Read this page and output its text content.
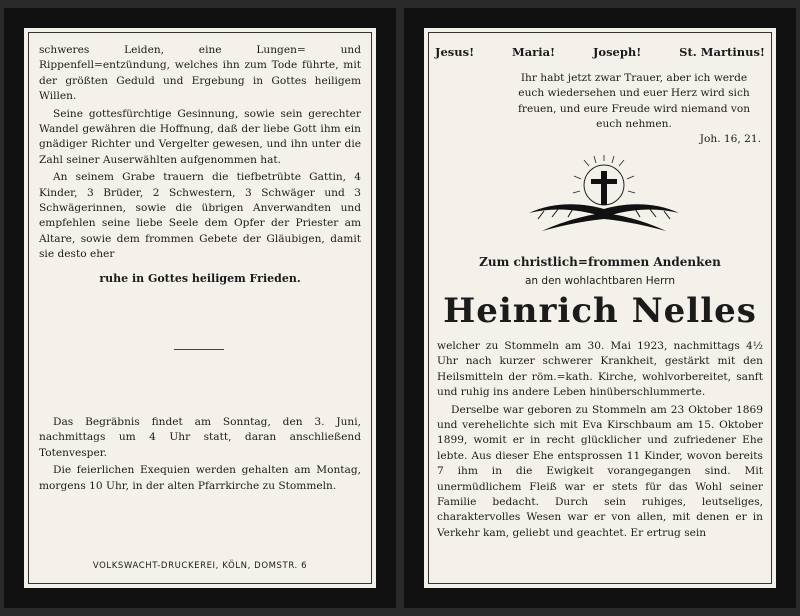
schweres Leiden, eine Lungen= und Rippenfell=entzündung, welches ihn zum Tode führte, mit der größten Geduld und Ergebung in Gottes heiligem Willen.

Seine gottesfürchtige Gesinnung, sowie sein gerechter Wandel gewähren die Hoffnung, daß der liebe Gott ihm ein gnädiger Richter und Vergelter gewesen, und ihn unter die Zahl seiner Auserwählten aufgenommen hat.

An seinem Grabe trauern die tiefbetrübte Gattin, 4 Kinder, 3 Brüder, 2 Schwestern, 3 Schwäger und 3 Schwägerinnen, sowie die übrigen Anverwandten und empfehlen seine liebe Seele dem Opfer der Priester am Altare, sowie dem frommen Gebete der Gläubigen, damit sie desto eher

ruhe in Gottes heiligem Frieden.

Das Begräbnis findet am Sonntag, den 3. Juni, nachmittags um 4 Uhr statt, daran anschließend Totenvesper.

Die feierlichen Exequien werden gehalten am Montag, morgens 10 Uhr, in der alten Pfarrkirche zu Stommeln.

VOLKSWACHT-DRUCKEREI, KÖLN, DOMSTR. 6
Jesus!	Maria!	Joseph!	St. Martinus!
Ihr habt jetzt zwar Trauer, aber ich werde euch wiedersehen und euer Herz wird sich freuen, und eure Freude wird niemand von euch nehmen.
Joh. 16, 21.
Zum christlich=frommen Andenken
an den wohlachtbaren Herrn
Heinrich Nelles

welcher zu Stommeln am 30. Mai 1923, nachmittags 4½ Uhr nach kurzer schwerer Krankheit, gestärkt mit den Heilsmitteln der röm.=kath. Kirche, wohlvorbereitet, sanft und ruhig ins andere Leben hinüberschlummerte.

Derselbe war geboren zu Stommeln am 23 Oktober 1869 und verehelichte sich mit Eva Kirschbaum am 15. Oktober 1899, womit er in recht glücklicher und zufriedener Ehe lebte. Aus dieser Ehe entsprossen 11 Kinder, wovon bereits 7 ihm in die Ewigkeit vorangegangen sind. Mit unermüdlichem Fleiß war er stets für das Wohl seiner Familie bedacht. Durch sein ruhiges, leutseliges, charaktervolles Wesen war er von allen, mit denen er in Verkehr kam, geliebt und geachtet. Er ertrug sein
